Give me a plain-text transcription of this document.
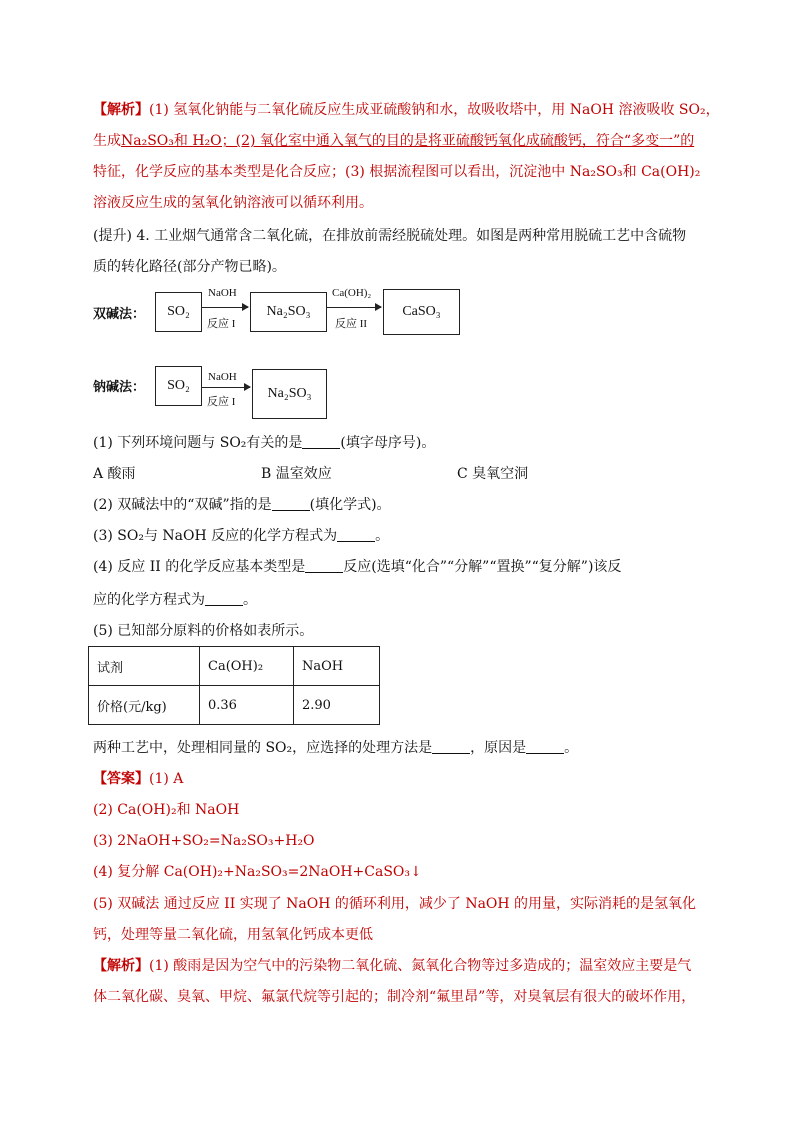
【解析】(1) 氢氧化钠能与二氧化硫反应生成亚硫酸钠和水，故吸收塔中，用 NaOH 溶液吸收 SO₂，
生成Na₂SO₃和 H₂O；(2) 氧化室中通入氧气的目的是将亚硫酸钙氧化成硫酸钙，符合“多变一”的
特征，化学反应的基本类型是化合反应；(3) 根据流程图可以看出，沉淀池中 Na₂SO₃和 Ca(OH)₂
溶液反应生成的氢氧化钠溶液可以循环利用。
(提升) 4. 工业烟气通常含二氧化硫，在排放前需经脱硫处理。如图是两种常用脱硫工艺中含硫物
质的转化路径(部分产物已略)。
双碱法：	SO₂
NaOH
反应 I
Na₂SO₃
Ca(OH)₂
反应 II
CaSO₃
钠碱法：	SO₂
NaOH
反应 I
Na₂SO₃
(1) 下列环境问题与 SO₂有关的是	(填字母序号)。
A 酸雨	B 温室效应	C 臭氧空洞
(2) 双碱法中的“双碱”指的是	(填化学式)。
(3) SO₂与 NaOH 反应的化学方程式为	。
(4) 反应 II 的化学反应基本类型是	反应(选填“化合”“分解”“置换”“复分解”)该反
应的化学方程式为	。
(5) 已知部分原料的价格如表所示。
试剂	Ca(OH)₂	NaOH
价格(元/kg)	0.36	2.90
两种工艺中，处理相同量的 SO₂，应选择的处理方法是	，原因是	。
【答案】(1) A
(2) Ca(OH)₂和 NaOH
(3) 2NaOH+SO₂=Na₂SO₃+H₂O
(4) 复分解 Ca(OH)₂+Na₂SO₃=2NaOH+CaSO₃↓
(5) 双碱法 通过反应 II 实现了 NaOH 的循环利用，减少了 NaOH 的用量，实际消耗的是氢氧化
钙，处理等量二氧化硫，用氢氧化钙成本更低
【解析】(1) 酸雨是因为空气中的污染物二氧化硫、氮氧化合物等过多造成的；温室效应主要是气
体二氧化碳、臭氧、甲烷、氟氯代烷等引起的；制冷剂“氟里昂”等，对臭氧层有很大的破坏作用，
